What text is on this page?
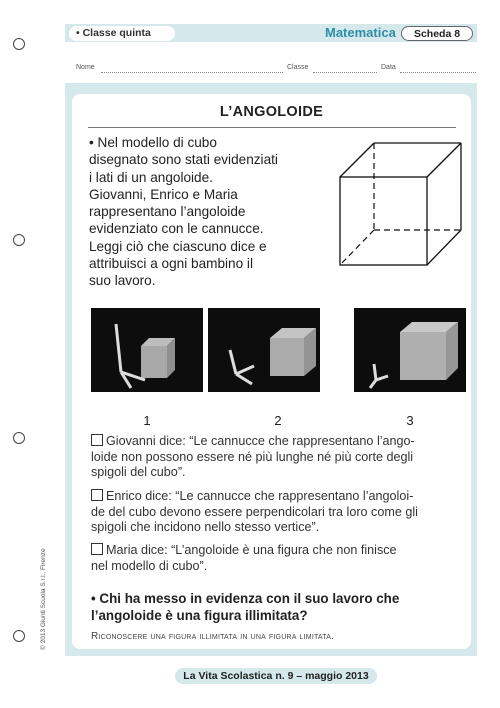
• Classe quinta	Matematica	Scheda 8
Nome	Classe	Data
L’ANGOLOIDE
• Nel modello di cubo
disegnato sono stati evidenziati
i lati di un angoloide.
Giovanni, Enrico e Maria
rappresentano l’angoloide
evidenziato con le cannucce.
Leggi ciò che ciascuno dice e
attribuisci a ogni bambino il
suo lavoro.
1	2	3
Giovanni dice: “Le cannucce che rappresentano l’ango-
loide non possono essere né più lunghe né più corte degli
spigoli del cubo”.
Enrico dice: “Le cannucce che rappresentano l’angoloi-
de del cubo devono essere perpendicolari tra loro come gli
spigoli che incidono nello stesso vertice”.
Maria dice: “L’angoloide è una figura che non finisce
nel modello di cubo”.
• Chi ha messo in evidenza con il suo lavoro che
l’angoloide è una figura illimitata?
Riconoscere una figura illimitata in una figura limitata.
© 2013 Giunti Scuola S.r.l., Firenze
La Vita Scolastica n. 9 – maggio 2013
